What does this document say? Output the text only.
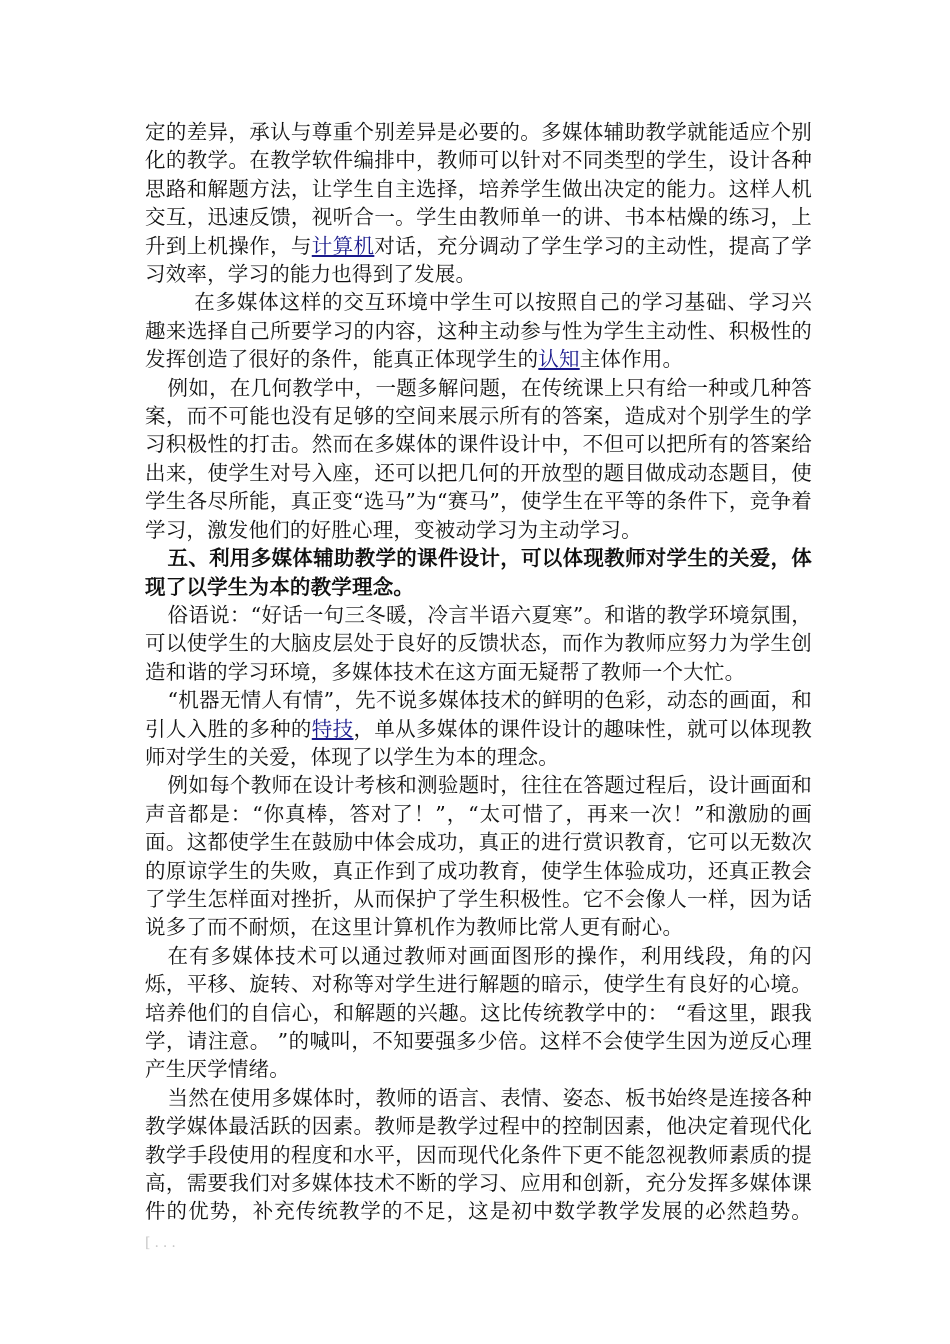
定的差异，承认与尊重个别差异是必要的。多媒体辅助教学就能适应个别化的教学。在教学软件编排中，教师可以针对不同类型的学生，设计各种思路和解题方法，让学生自主选择，培养学生做出决定的能力。这样人机交互，迅速反馈，视听合一。学生由教师单一的讲、书本枯燥的练习，上升到上机操作，与计算机对话，充分调动了学生学习的主动性，提高了学习效率，学习的能力也得到了发展。

在多媒体这样的交互环境中学生可以按照自己的学习基础、学习兴趣来选择自己所要学习的内容，这种主动参与性为学生主动性、积极性的发挥创造了很好的条件，能真正体现学生的认知主体作用。

例如，在几何教学中，一题多解问题，在传统课上只有给一种或几种答案，而不可能也没有足够的空间来展示所有的答案，造成对个别学生的学习积极性的打击。然而在多媒体的课件设计中，不但可以把所有的答案给出来，使学生对号入座，还可以把几何的开放型的题目做成动态题目，使学生各尽所能，真正变“选马”为“赛马”，使学生在平等的条件下，竞争着学习，激发他们的好胜心理，变被动学习为主动学习。

五、利用多媒体辅助教学的课件设计，可以体现教师对学生的关爱，体现了以学生为本的教学理念。

俗语说：“好话一句三冬暖，冷言半语六夏寒”。和谐的教学环境氛围，可以使学生的大脑皮层处于良好的反馈状态，而作为教师应努力为学生创造和谐的学习环境，多媒体技术在这方面无疑帮了教师一个大忙。

“机器无情人有情”，先不说多媒体技术的鲜明的色彩，动态的画面，和引人入胜的多种的特技，单从多媒体的课件设计的趣味性，就可以体现教师对学生的关爱，体现了以学生为本的理念。

例如每个教师在设计考核和测验题时，往往在答题过程后，设计画面和声音都是：“你真棒，答对了！”，“太可惜了，再来一次！”和激励的画面。这都使学生在鼓励中体会成功，真正的进行赏识教育，它可以无数次的原谅学生的失败，真正作到了成功教育，使学生体验成功，还真正教会了学生怎样面对挫折，从而保护了学生积极性。它不会像人一样，因为话说多了而不耐烦，在这里计算机作为教师比常人更有耐心。

在有多媒体技术可以通过教师对画面图形的操作，利用线段，角的闪烁，平移、旋转、对称等对学生进行解题的暗示，使学生有良好的心境。培养他们的自信心，和解题的兴趣。这比传统教学中的： “看这里，跟我学，请注意。 ”的喊叫，不知要强多少倍。这样不会使学生因为逆反心理产生厌学情绪。

当然在使用多媒体时，教师的语言、表情、姿态、板书始终是连接各种教学媒体最活跃的因素。教师是教学过程中的控制因素，他决定着现代化教学手段使用的程度和水平，因而现代化条件下更不能忽视教师素质的提高，需要我们对多媒体技术不断的学习、应用和创新，充分发挥多媒体课件的优势，补充传统教学的不足，这是初中数学教学发展的必然趋势。[...
